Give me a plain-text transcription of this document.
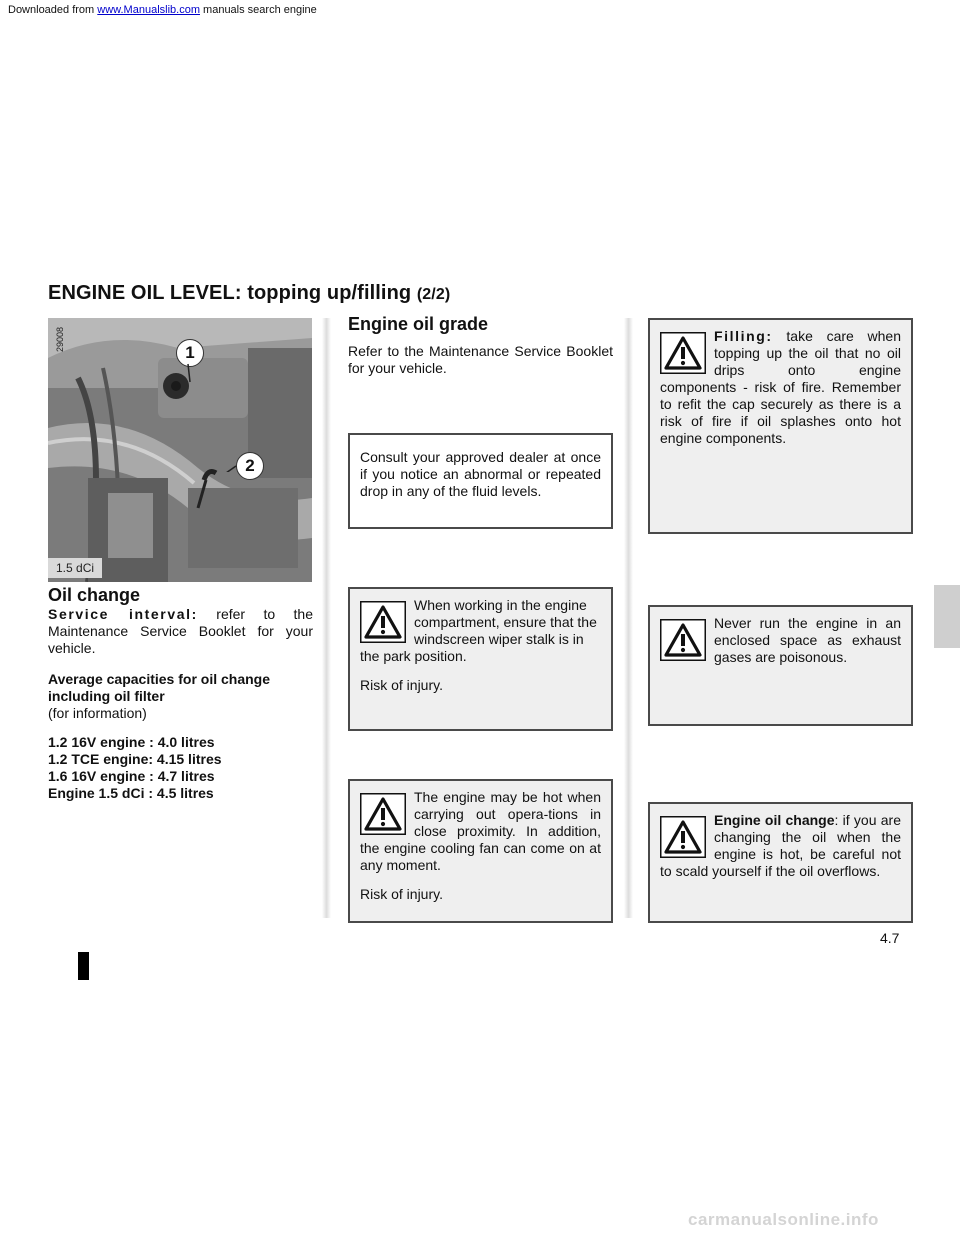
Downloaded from www.Manualslib.com manuals search engine
ENGINE OIL LEVEL: topping up/filling (2/2)
29008
1
2
1.5 dCi
Oil change

Service interval: refer to the Maintenance Service Booklet for your vehicle.

Average capacities for oil change including oil filter
(for information)

1.2 16V engine : 4.0 litres
1.2 TCE engine: 4.15 litres
1.6 16V engine : 4.7 litres
Engine 1.5 dCi : 4.5 litres

Engine oil grade
Refer to the Maintenance Service Booklet for your vehicle.

Consult your approved dealer at once if you notice an abnormal or repeated drop in any of the fluid levels.

When working in the engine compartment, ensure that the windscreen wiper stalk is in the park position.

Risk of injury.

The engine may be hot when carrying out opera-tions in close proximity. In addition, the engine cooling fan can come on at any moment.

Risk of injury.

Filling: take care when topping up the oil that no oil drips onto engine components - risk of fire. Remember to refit the cap securely as there is a risk of fire if oil splashes onto hot engine components.

Never run the engine in an enclosed space as exhaust gases are poisonous.

Engine oil change: if you are changing the oil when the engine is hot, be careful not to scald yourself if the oil overflows.

4.7
carmanualsonline.info
